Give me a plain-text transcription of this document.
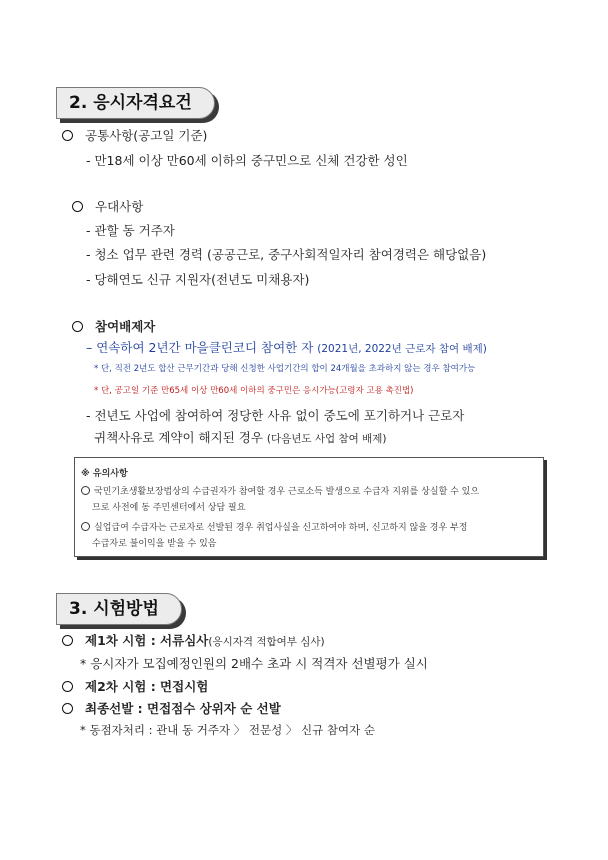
2. 응시자격요건
공통사항(공고일 기준)
- 만18세 이상 만60세 이하의 중구민으로 신체 건강한 성인
우대사항
- 관할 동 거주자
- 청소 업무 관련 경력 (공공근로, 중구사회적일자리 참여경력은 해당없음)
- 당해연도 신규 지원자(전년도 미채용자)
참여배제자
– 연속하여 2년간 마을클린코디 참여한 자 (2021년, 2022년 근로자 참여 배제)
* 단, 직전 2년도 합산 근무기간과 당해 신청한 사업기간의 합이 24개월을 초과하지 않는 경우 참여가능
* 단, 공고일 기준 만65세 이상 만60세 이하의 중구민은 응시가능(고령자 고용 촉진법)
- 전년도 사업에 참여하여 정당한 사유 없이 중도에 포기하거나 근로자
귀책사유로 계약이 해지된 경우 (다음년도 사업 참여 배제)
※ 유의사항
국민기초생활보장법상의 수급권자가 참여할 경우 근로소득 발생으로 수급자 지위를 상실할 수 있으
므로 사전에 동 주민센터에서 상담 필요
실업급여 수급자는 근로자로 선발된 경우 취업사실을 신고하여야 하며, 신고하지 않을 경우 부정
수급자로 불이익을 받을 수 있음
3. 시험방법
제1차 시험 : 서류심사(응시자격 적합여부 심사)
* 응시자가 모집예정인원의 2배수 초과 시 적격자 선별평가 실시
제2차 시험 : 면접시험
최종선발 : 면접점수 상위자 순 선발
* 동점자처리 : 관내 동 거주자 〉 전문성 〉 신규 참여자 순
